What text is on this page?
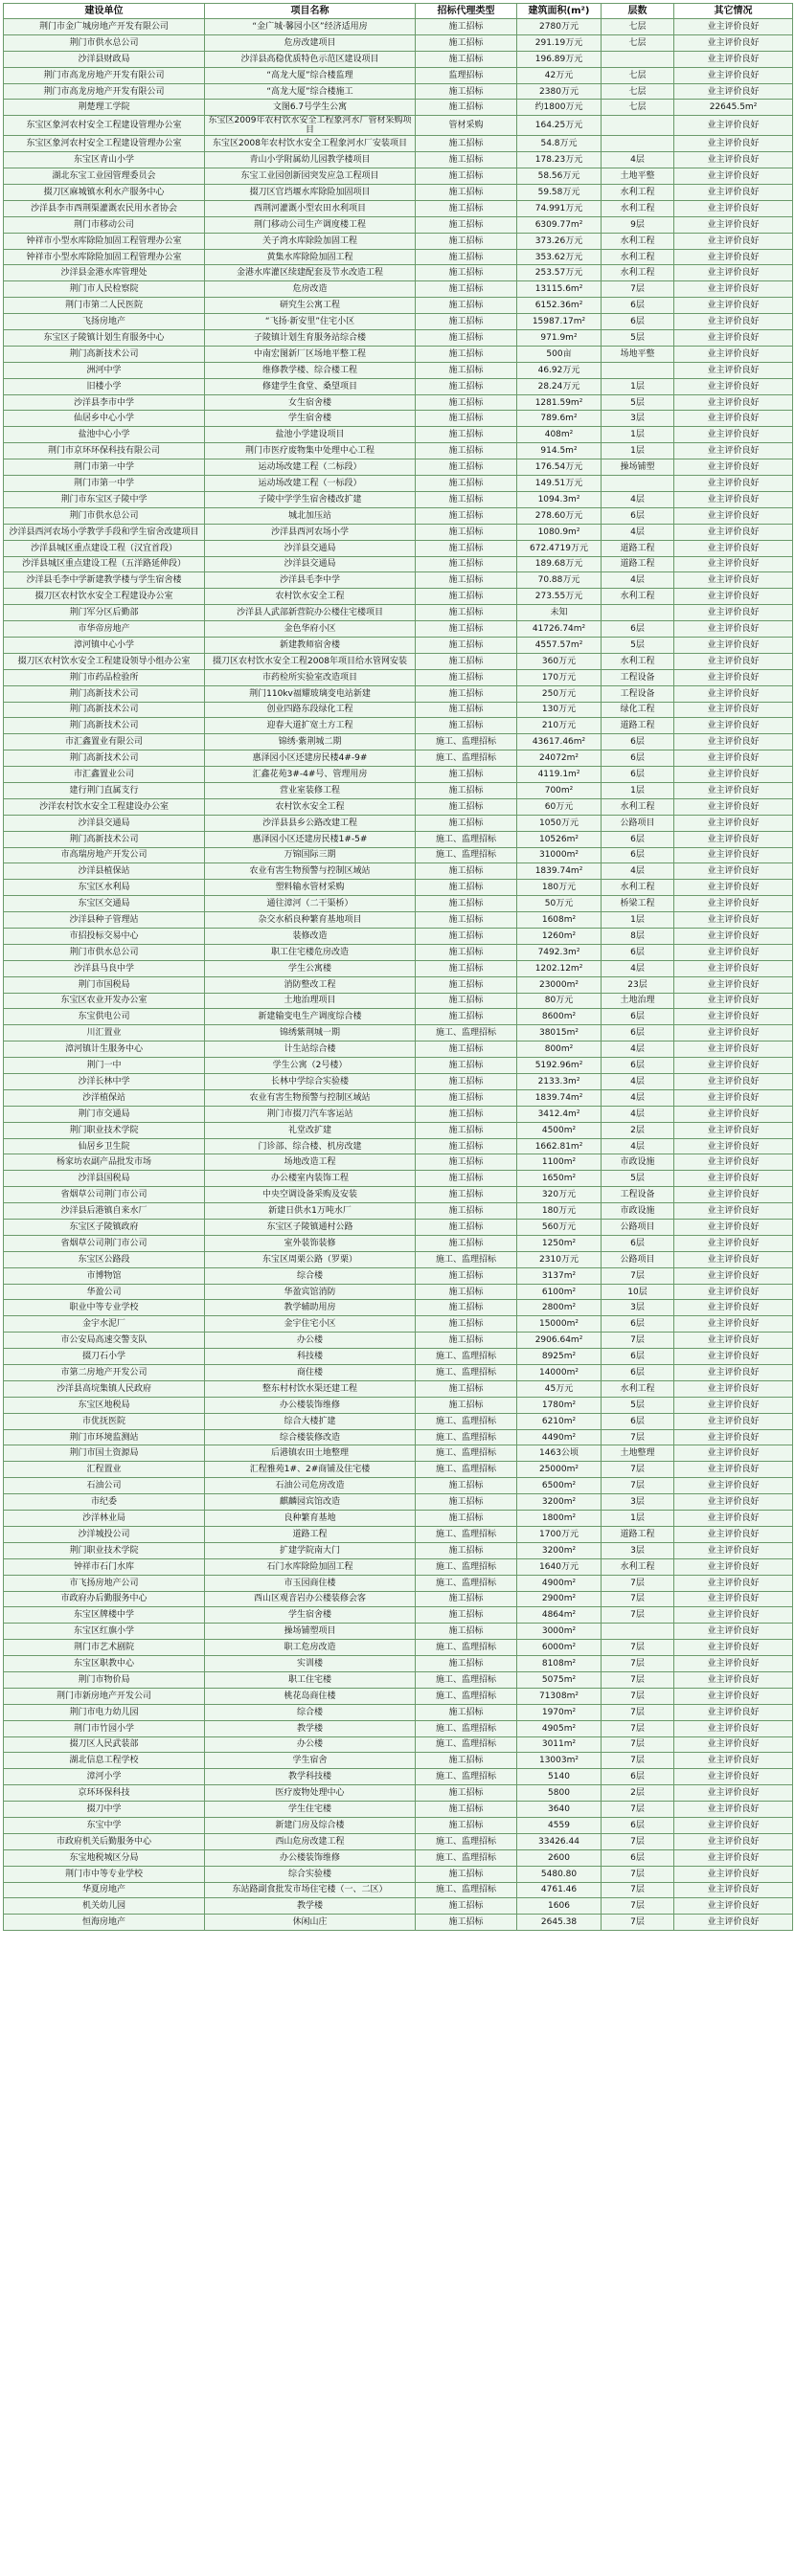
建设单位	项目名称	招标代理类型	建筑面积(m²)	层数	其它情况
荆门市金广城房地产开发有限公司	“金广城·馨园小区”经济适用房	施工招标	2780万元	七层	业主评价良好
荆门市供水总公司	危房改建项目	施工招标	291.19万元	七层	业主评价良好
沙洋县财政局	沙洋县高稳优质特色示范区建设项目	施工招标	196.89万元		业主评价良好
荆门市高龙房地产开发有限公司	“高龙大厦”综合楼监理	监理招标	42万元	七层	业主评价良好
荆门市高龙房地产开发有限公司	“高龙大厦”综合楼施工	施工招标	2380万元	七层	业主评价良好
荆楚理工学院	文图6.7号学生公寓	施工招标	约1800万元	七层	22645.5m²
东宝区象河农村安全工程建设管理办公室	东宝区2009年农村饮水安全工程象河水厂管材采购项目	管材采购	164.25万元		业主评价良好
东宝区象河农村安全工程建设管理办公室	东宝区2008年农村饮水安全工程象河水厂安装项目	施工招标	54.8万元		业主评价良好
东宝区青山小学	青山小学附属幼儿园教学楼项目	施工招标	178.23万元	4层	业主评价良好
湖北东宝工业园管理委员会	东宝工业园创新园突发应急工程项目	施工招标	58.56万元	土地平整	业主评价良好
掇刀区麻城镇水利水产服务中心	掇刀区官垱堰水库除险加固项目	施工招标	59.58万元	水利工程	业主评价良好
沙洋县李市西荆渠灌溉农民用水者协会	西荆河灌溉小型农田水利项目	施工招标	74.991万元	水利工程	业主评价良好
荆门市移动公司	荆门移动公司生产调度楼工程	施工招标	6309.77m²	9层	业主评价良好
钟祥市小型水库除险加固工程管理办公室	关子湾水库除险加固工程	施工招标	373.26万元	水利工程	业主评价良好
钟祥市小型水库除险加固工程管理办公室	黄集水库除险加固工程	施工招标	353.62万元	水利工程	业主评价良好
沙洋县金港水库管理处	金港水库灌区续建配套及节水改造工程	施工招标	253.57万元	水利工程	业主评价良好
荆门市人民检察院	危房改造	施工招标	13115.6m²	7层	业主评价良好
荆门市第二人民医院	研究生公寓工程	施工招标	6152.36m²	6层	业主评价良好
飞扬房地产	“飞扬·新安里”住宅小区	施工招标	15987.17m²	6层	业主评价良好
东宝区子陵镇计划生育服务中心	子陵镇计划生育服务站综合楼	施工招标	971.9m²	5层	业主评价良好
荆门高新技术公司	中南宏图新厂区场地平整工程	施工招标	500亩	场地平整	业主评价良好
洲河中学	维修教学楼、综合楼工程	施工招标	46.92万元		业主评价良好
旧楼小学	修建学生食堂、桑望项目	施工招标	28.24万元	1层	业主评价良好
沙洋县李市中学	女生宿舍楼	施工招标	1281.59m²	5层	业主评价良好
仙居乡中心小学	学生宿舍楼	施工招标	789.6m²	3层	业主评价良好
盐池中心小学	盐池小学建设项目	施工招标	408m²	1层	业主评价良好
荆门市京环环保科技有限公司	荆门市医疗废物集中处理中心工程	施工招标	914.5m²	1层	业主评价良好
荆门市第一中学	运动场改建工程（二标段）	施工招标	176.54万元	操场铺塑	业主评价良好
荆门市第一中学	运动场改建工程（一标段）	施工招标	149.51万元		业主评价良好
荆门市东宝区子陵中学	子陵中学学生宿舍楼改扩建	施工招标	1094.3m²	4层	业主评价良好
荆门市供水总公司	城北加压站	施工招标	278.60万元	6层	业主评价良好
沙洋县西河农场小学教学手段和学生宿舍改建项目	沙洋县西河农场小学	施工招标	1080.9m²	4层	业主评价良好
沙洋县城区重点建设工程（汉宜首段）	沙洋县交通局	施工招标	672.4719万元	道路工程	业主评价良好
沙洋县城区重点建设工程（五洋路延伸段）	沙洋县交通局	施工招标	189.68万元	道路工程	业主评价良好
沙洋县毛李中学新建教学楼与学生宿舍楼	沙洋县毛李中学	施工招标	70.88万元	4层	业主评价良好
掇刀区农村饮水安全工程建设办公室	农村饮水安全工程	施工招标	273.55万元	水利工程	业主评价良好
荆门军分区后勤部	沙洋县人武部新营院办公楼住宅楼项目	施工招标	未知		业主评价良好
市华帝房地产	金色华府小区	施工招标	41726.74m²	6层	业主评价良好
漳河镇中心小学	新建教师宿舍楼	施工招标	4557.57m²	5层	业主评价良好
掇刀区农村饮水安全工程建设领导小组办公室	掇刀区农村饮水安全工程2008年项目给水管网安装	施工招标	360万元	水利工程	业主评价良好
荆门市药品检验所	市药检所实验室改造项目	施工招标	170万元	工程设备	业主评价良好
荆门高新技术公司	荆门110kv福耀玻璃变电站新建	施工招标	250万元	工程设备	业主评价良好
荆门高新技术公司	创业四路东段绿化工程	施工招标	130万元	绿化工程	业主评价良好
荆门高新技术公司	迎春大道扩宽土方工程	施工招标	210万元	道路工程	业主评价良好
市汇鑫置业有限公司	锦绣·紫荆城二期	施工、监理招标	43617.46m²	6层	业主评价良好
荆门高新技术公司	惠泽园小区还建房民楼4#-9#	施工、监理招标	24072m²	6层	业主评价良好
市汇鑫置业公司	汇鑫花苑3#-4#号、管理用房	施工招标	4119.1m²	6层	业主评价良好
建行荆门直属支行	营业室装修工程	施工招标	700m²	1层	业主评价良好
沙洋农村饮水安全工程建设办公室	农村饮水安全工程	施工招标	60万元	水利工程	业主评价良好
沙洋县交通局	沙洋县县乡公路改建工程	施工招标	1050万元	公路项目	业主评价良好
荆门高新技术公司	惠泽园小区还建房民楼1#-5#	施工、监理招标	10526m²	6层	业主评价良好
市高瑞房地产开发公司	万锦国际三期	施工、监理招标	31000m²	6层	业主评价良好
沙洋县植保站	农业有害生物预警与控制区域站	施工招标	1839.74m²	4层	业主评价良好
东宝区水利局	塑料输水管材采购	施工招标	180万元	水利工程	业主评价良好
东宝区交通局	通往漳河（二干渠桥）	施工招标	50万元	桥梁工程	业主评价良好
沙洋县种子管理站	杂交水稻良种繁育基地项目	施工招标	1608m²	1层	业主评价良好
市招投标交易中心	装修改造	施工招标	1260m²	8层	业主评价良好
荆门市供水总公司	职工住宅楼危房改造	施工招标	7492.3m²	6层	业主评价良好
沙洋县马良中学	学生公寓楼	施工招标	1202.12m²	4层	业主评价良好
荆门市国税局	消防整改工程	施工招标	23000m²	23层	业主评价良好
东宝区农业开发办公室	土地治理项目	施工招标	80万元	土地治理	业主评价良好
东宝供电公司	新建输变电生产调度综合楼	施工招标	8600m²	6层	业主评价良好
川汇置业	锦绣紫荆城一期	施工、监理招标	38015m²	6层	业主评价良好
漳河镇计生服务中心	计生站综合楼	施工招标	800m²	4层	业主评价良好
荆门一中	学生公寓（2号楼）	施工招标	5192.96m²	6层	业主评价良好
沙洋长林中学	长林中学综合实验楼	施工招标	2133.3m²	4层	业主评价良好
沙洋植保站	农业有害生物预警与控制区域站	施工招标	1839.74m²	4层	业主评价良好
荆门市交通局	荆门市掇刀汽车客运站	施工招标	3412.4m²	4层	业主评价良好
荆门职业技术学院	礼堂改扩建	施工招标	4500m²	2层	业主评价良好
仙居乡卫生院	门诊部、综合楼、机房改建	施工招标	1662.81m²	4层	业主评价良好
杨家坊农副产品批发市场	场地改造工程	施工招标	1100m²	市政设施	业主评价良好
沙洋县国税局	办公楼室内装饰工程	施工招标	1650m²	5层	业主评价良好
省烟草公司荆门市公司	中央空调设备采购及安装	施工招标	320万元	工程设备	业主评价良好
沙洋县后港镇自来水厂	新建日供水1万吨水厂	施工招标	180万元	市政设施	业主评价良好
东宝区子陵镇政府	东宝区子陵镇通村公路	施工招标	560万元	公路项目	业主评价良好
省烟草公司荆门市公司	室外装饰装修	施工招标	1250m²	6层	业主评价良好
东宝区公路段	东宝区周栗公路（罗栗）	施工、监理招标	2310万元	公路项目	业主评价良好
市博物馆	综合楼	施工招标	3137m²	7层	业主评价良好
华盈公司	华盈宾馆消防	施工招标	6100m²	10层	业主评价良好
职业中等专业学校	教学辅助用房	施工招标	2800m²	3层	业主评价良好
金宇水泥厂	金宇住宅小区	施工招标	15000m²	6层	业主评价良好
市公安局高速交警支队	办公楼	施工招标	2906.64m²	7层	业主评价良好
掇刀石小学	科技楼	施工、监理招标	8925m²	6层	业主评价良好
市第二房地产开发公司	商住楼	施工、监理招标	14000m²	6层	业主评价良好
沙洋县高垸集镇人民政府	整东村村饮水渠还建工程	施工招标	45万元	水利工程	业主评价良好
东宝区地税局	办公楼装饰维修	施工招标	1780m²	5层	业主评价良好
市优抚医院	综合大楼扩建	施工、监理招标	6210m²	6层	业主评价良好
荆门市环境监测站	综合楼装修改造	施工、监理招标	4490m²	7层	业主评价良好
荆门市国土资源局	后港镇农田土地整理	施工、监理招标	1463公顷	土地整理	业主评价良好
汇程置业	汇程雅苑1#、2#商铺及住宅楼	施工、监理招标	25000m²	7层	业主评价良好
石油公司	石油公司危房改造	施工招标	6500m²	7层	业主评价良好
市纪委	麒麟园宾馆改造	施工招标	3200m²	3层	业主评价良好
沙洋林业局	良种繁育基地	施工招标	1800m²	1层	业主评价良好
沙洋城投公司	道路工程	施工、监理招标	1700万元	道路工程	业主评价良好
荆门职业技术学院	扩建学院南大门	施工招标	3200m²	3层	业主评价良好
钟祥市石门水库	石门水库除险加固工程	施工、监理招标	1640万元	水利工程	业主评价良好
市飞扬房地产公司	市玉园商住楼	施工、监理招标	4900m²	7层	业主评价良好
市政府办后勤服务中心	西山区观音岩办公楼装修会客	施工招标	2900m²	7层	业主评价良好
东宝区牌楼中学	学生宿舍楼	施工招标	4864m²	7层	业主评价良好
东宝区红旗小学	操场铺塑项目	施工招标	3000m²		业主评价良好
荆门市艺术剧院	职工危房改造	施工、监理招标	6000m²	7层	业主评价良好
东宝区职教中心	实训楼	施工招标	8108m²	7层	业主评价良好
荆门市物价局	职工住宅楼	施工、监理招标	5075m²	7层	业主评价良好
荆门市新房地产开发公司	桃花岛商住楼	施工、监理招标	71308m²	7层	业主评价良好
荆门市电力幼儿园	综合楼	施工招标	1970m²	7层	业主评价良好
荆门市竹园小学	教学楼	施工、监理招标	4905m²	7层	业主评价良好
掇刀区人民武装部	办公楼	施工、监理招标	3011m²	7层	业主评价良好
湖北信息工程学校	学生宿舍	施工招标	13003m²	7层	业主评价良好
漳河小学	教学科技楼	施工、监理招标	5140	6层	业主评价良好
京环环保科技	医疗废物处理中心	施工招标	5800	2层	业主评价良好
掇刀中学	学生住宅楼	施工招标	3640	7层	业主评价良好
东宝中学	新建门房及综合楼	施工招标	4559	6层	业主评价良好
市政府机关后勤服务中心	西山危房改建工程	施工、监理招标	33426.44	7层	业主评价良好
东宝地税城区分局	办公楼装饰维修	施工、监理招标	2600	6层	业主评价良好
荆门市中等专业学校	综合实验楼	施工招标	5480.80	7层	业主评价良好
华夏房地产	东站路副食批发市场住宅楼（一、二区）	施工、监理招标	4761.46	7层	业主评价良好
机关幼儿园	教学楼	施工招标	1606	7层	业主评价良好
恒海房地产	休闲山庄	施工招标	2645.38	7层	业主评价良好
